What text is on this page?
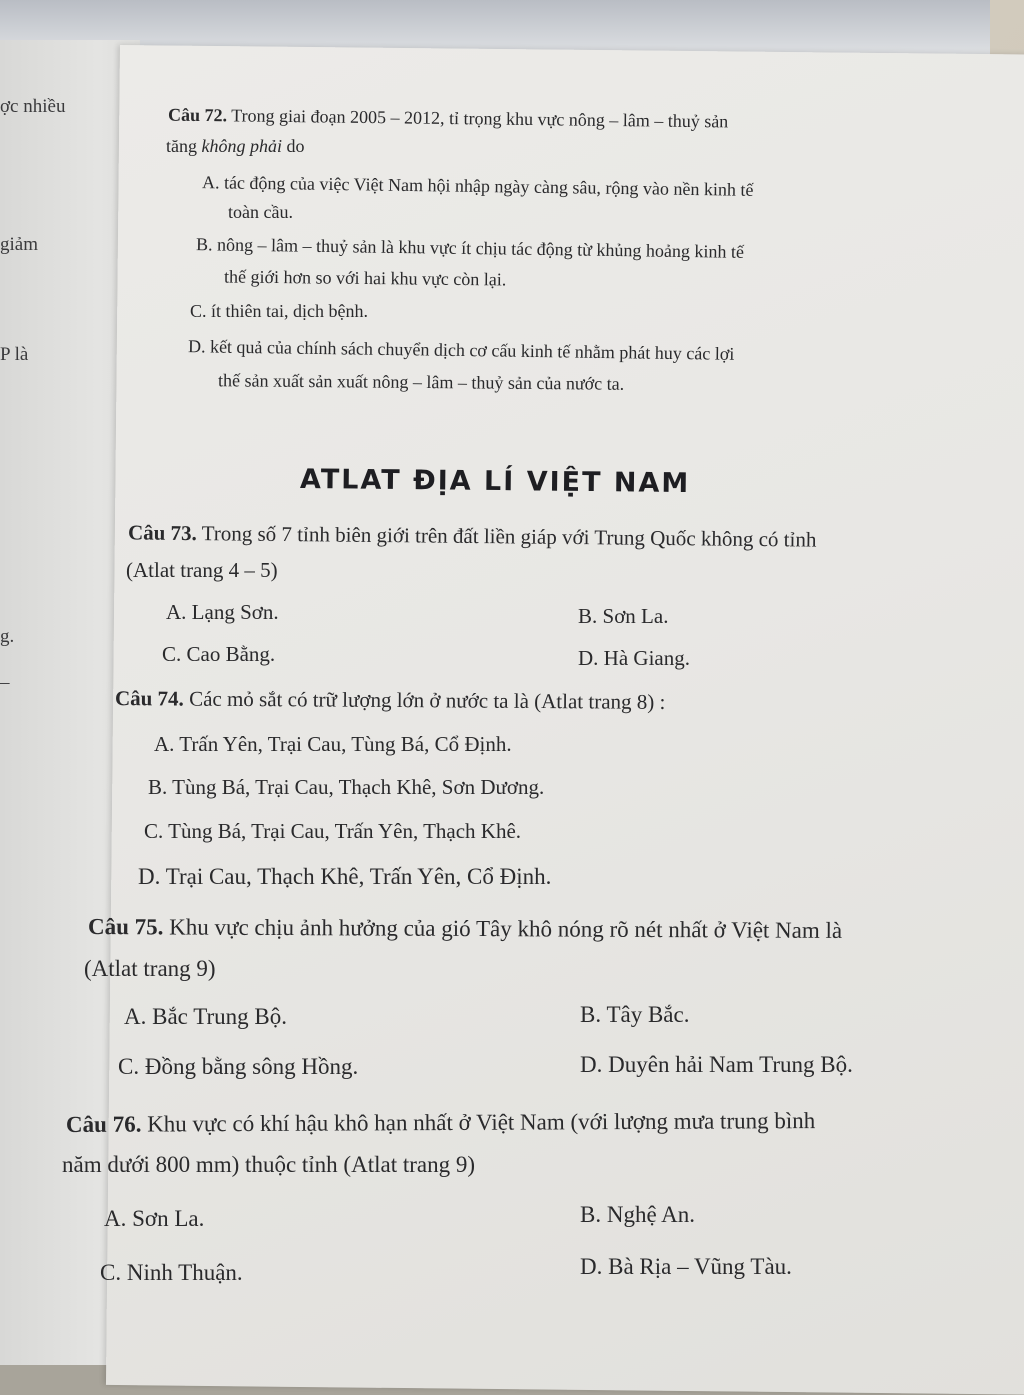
ợc nhiều
giảm
P là
g.
–
Câu 72. Trong giai đoạn 2005 – 2012, tỉ trọng khu vực nông – lâm – thuỷ sản
tăng không phải do
A. tác động của việc Việt Nam hội nhập ngày càng sâu, rộng vào nền kinh tế
toàn cầu.
B. nông – lâm – thuỷ sản là khu vực ít chịu tác động từ khủng hoảng kinh tế
thế giới hơn so với hai khu vực còn lại.
C. ít thiên tai, dịch bệnh.
D. kết quả của chính sách chuyển dịch cơ cấu kinh tế nhằm phát huy các lợi
thế sản xuất sản xuất nông – lâm – thuỷ sản của nước ta.
ATLAT ĐỊA LÍ VIỆT NAM
Câu 73. Trong số 7 tỉnh biên giới trên đất liền giáp với Trung Quốc không có tỉnh
(Atlat trang 4 – 5)
A. Lạng Sơn.	B. Sơn La.
C. Cao Bằng.	D. Hà Giang.
Câu 74. Các mỏ sắt có trữ lượng lớn ở nước ta là (Atlat trang 8) :
A. Trấn Yên, Trại Cau, Tùng Bá, Cổ Định.
B. Tùng Bá, Trại Cau, Thạch Khê, Sơn Dương.
C. Tùng Bá, Trại Cau, Trấn Yên, Thạch Khê.
D. Trại Cau, Thạch Khê, Trấn Yên, Cổ Định.
Câu 75. Khu vực chịu ảnh hưởng của gió Tây khô nóng rõ nét nhất ở Việt Nam là
(Atlat trang 9)
A. Bắc Trung Bộ.	B. Tây Bắc.
C. Đồng bằng sông Hồng.	D. Duyên hải Nam Trung Bộ.
Câu 76. Khu vực có khí hậu khô hạn nhất ở Việt Nam (với lượng mưa trung bình
năm dưới 800 mm) thuộc tỉnh (Atlat trang 9)
A. Sơn La.	B. Nghệ An.
C. Ninh Thuận.	D. Bà Rịa – Vũng Tàu.
